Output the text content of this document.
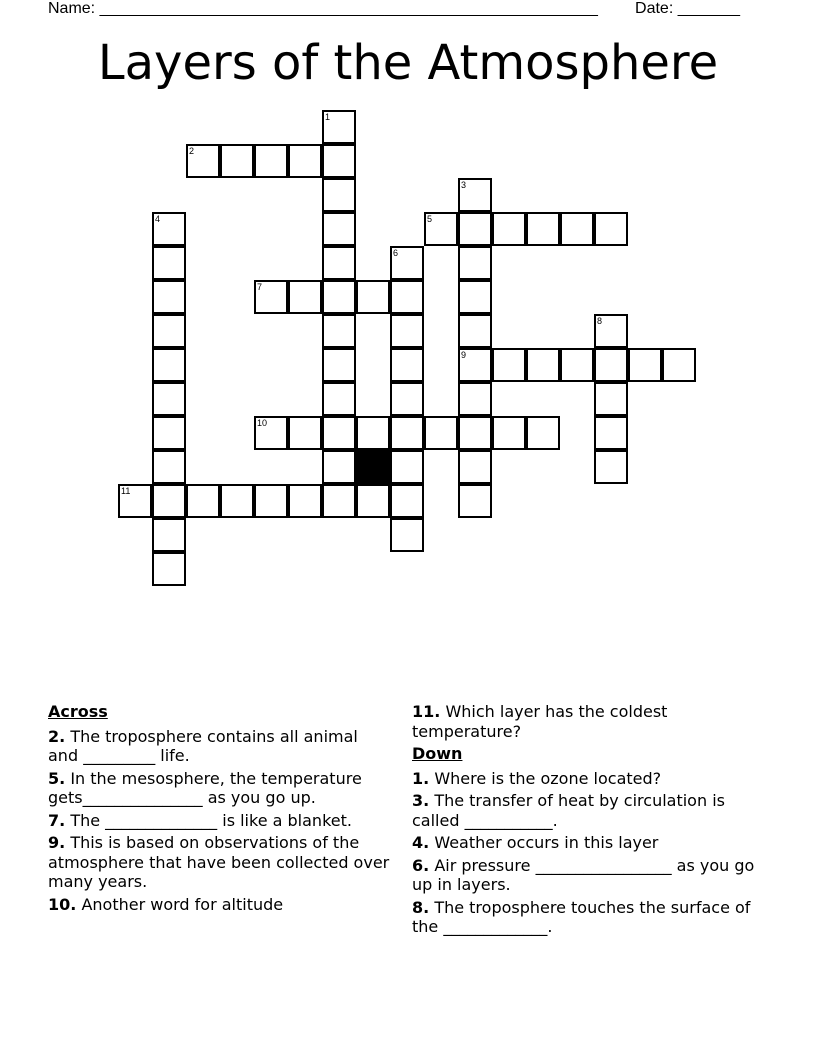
Name: ________________________________________________________ Date: _______
Layers of the Atmosphere
1
2
3
4	5
6
7
8
9
10
11
Across
2. The troposphere contains all animal and _________ life.
5. In the mesosphere, the temperature gets_______________ as you go up.
7. The ______________ is like a blanket.
9. This is based on observations of the atmosphere that have been collected over many years.
10. Another word for altitude
11. Which layer has the coldest temperature?
Down
1. Where is the ozone located?
3. The transfer of heat by circulation is called ___________.
4. Weather occurs in this layer
6. Air pressure _________________ as you go up in layers.
8. The troposphere touches the surface of the _____________.
